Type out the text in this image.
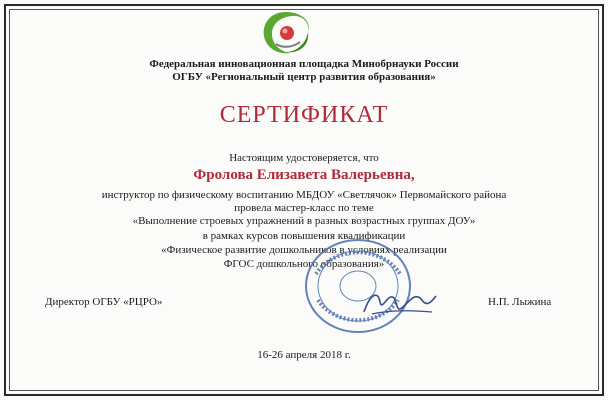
Федеральная инновационная площадка Минобрнауки России
ОГБУ «Региональный центр развития образования»
СЕРТИФИКАТ
Настоящим удостоверяется, что
Фролова Елизавета Валерьевна,
инструктор по физическому воспитанию МБДОУ «Светлячок» Первомайского района
провела мастер-класс по теме
«Выполнение строевых упражнений в разных возрастных группах ДОУ»
в рамках курсов повышения квалификации
«Физическое развитие дошкольников в условиях реализации
ФГОС дошкольного образования»
Директор ОГБУ «РЦРО»	Н.П. Лыжина
16-26 апреля 2018 г.
